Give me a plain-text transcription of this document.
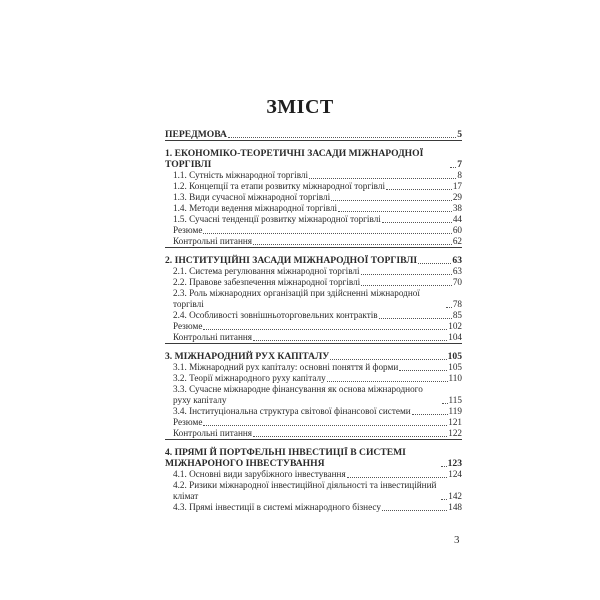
ЗМІСТ
ПЕРЕДМОВА	5
1. ЕКОНОМІКО-ТЕОРЕТИЧНІ ЗАСАДИ МІЖНАРОДНОЇ ТОРГІВЛІ	7
1.1. Сутність міжнародної торгівлі	8
1.2. Концепції та етапи розвитку міжнародної торгівлі	17
1.3. Види сучасної міжнародної торгівлі	29
1.4. Методи ведення міжнародної торгівлі	38
1.5. Сучасні тенденції розвитку міжнародної торгівлі	44
Резюме	60
Контрольні питання	62
2. ІНСТИТУЦІЙНІ ЗАСАДИ МІЖНАРОДНОЇ ТОРГІВЛІ	63
2.1. Система регулювання міжнародної торгівлі	63
2.2. Правове забезпечення міжнародної торгівлі	70
2.3. Роль міжнародних організацій при здійсненні міжнародної торгівлі	78
2.4. Особливості зовнішньоторговельних контрактів	85
Резюме	102
Контрольні питання	104
3. МІЖНАРОДНИЙ РУХ КАПІТАЛУ	105
3.1. Міжнародний рух капіталу: основні поняття й форми	105
3.2. Теорії міжнародного руху капіталу	110
3.3. Сучасне міжнародне фінансування як основа міжнародного руху капіталу	115
3.4. Інституціональна структура світової фінансової системи	119
Резюме	121
Контрольні питання	122
4. ПРЯМІ Й ПОРТФЕЛЬНІ ІНВЕСТИЦІЇ В СИСТЕМІ МІЖНАРОНОГО ІНВЕСТУВАННЯ	123
4.1. Основні види зарубіжного інвестування	124
4.2. Ризики міжнародної інвестиційної діяльності та інвестиційний клімат	142
4.3. Прямі інвестиції в системі міжнародного бізнесу	148
3
